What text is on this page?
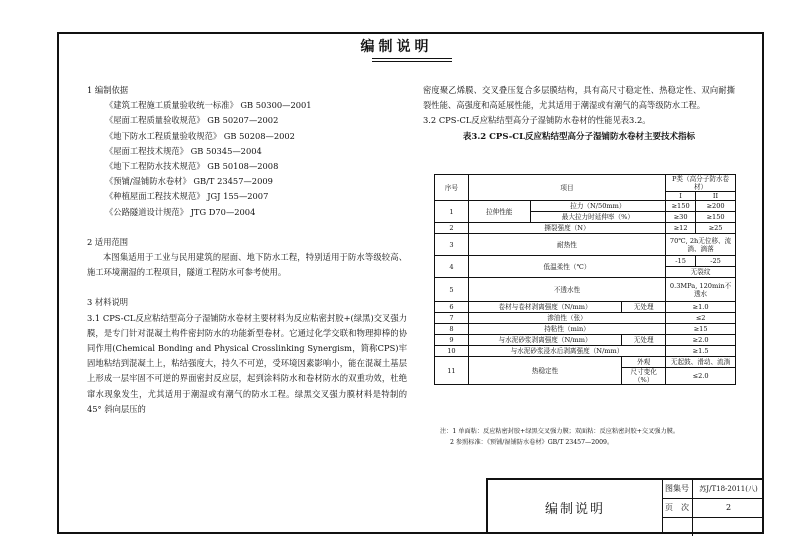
编制说明

1 编制依据

《建筑工程施工质量验收统一标准》 GB 50300—2001

《屋面工程质量验收规范》 GB 50207—2002

《地下防水工程质量验收规范》 GB 50208—2002

《屋面工程技术规范》 GB 50345—2004

《地下工程防水技术规范》 GB 50108—2008

《预铺/湿铺防水卷材》 GB/T 23457—2009

《种植屋面工程技术规范》 JGJ 155—2007

《公路隧道设计规范》 JTG D70—2004

2 适用范围

本图集适用于工业与民用建筑的屋面、地下防水工程，特别适用于防水等级较高、施工环境潮湿的工程项目，隧道工程防水可参考使用。

3 材料说明

3.1 CPS-CL反应粘结型高分子湿铺防水卷材主要材料为反应粘密封胶+(绿黑)交叉强力膜，是专门针对混凝土构件密封防水的功能新型卷材。它通过化学交联和物理抑棒的协同作用(Chemical Bonding and Physical Crosslinking Synergism，简称CPS)牢固地粘结到混凝土上，粘结强度大，持久不可逆，受环境因素影响小，能在混凝土基层上形成一层牢固不可逆的界面密封反应层，起到涂料防水和卷材防水的双重功效，杜绝窜水现象发生，尤其适用于潮湿或有潮气的防水工程。绿黑交叉强力膜材料是特制的45° 斜向层压的

密度聚乙烯膜、交叉叠压复合多层膜结构，具有高尺寸稳定性、热稳定性、双向耐撕裂性能、高强度和高延展性能，尤其适用于潮湿或有潮气的高等级防水工程。

3.2 CPS-CL反应粘结型高分子湿铺防水卷材的性能见表3.2。

表3.2 CPS-CL反应粘结型高分子湿铺防水卷材主要技术指标
序号	项目			P类（高分子防水卷材）	
				I	II
1	拉伸性能	拉力（N/50mm）		≥150	≥200
		最大拉力时延伸率（%）		≥30	≥150
2	撕裂强度（N）			≥12	≥25
3	耐热性			70℃, 2h无位移、流淌、滴落	
4	低温柔性（℃）			-15	-25
				无裂纹	
5	不透水性			0.3MPa, 120min不透水	
6	卷材与卷材剥离强度（N/mm）		无处理	≥1.0	
7	渗油性（张）			≤2	
8	持粘性（min）			≥15	
9	与水泥砂浆剥离强度（N/mm）		无处理	≥2.0	
10	与水泥砂浆浸水后剥离强度（N/mm）			≥1.5	
11	热稳定性		外观	无起鼓、滑动、流淌	
			尺寸变化（%）	≤2.0	

注：1 单面粘：反应粘密封胶+绿黑交叉强力膜；双面粘：反应粘密封胶+交叉强力膜。

2 参照标准：《预铺/湿铺防水卷材》GB/T 23457—2009。

编制说明
图集号	苏J/T18-2011(八)
页　次	2
